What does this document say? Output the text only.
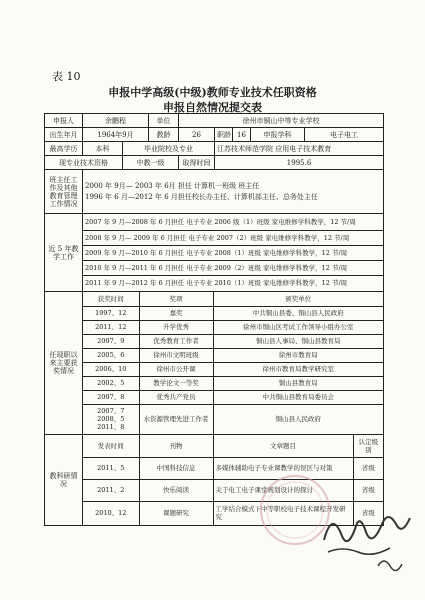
表 10
申报中学高级(中级)教师专业技术任职资格
申报自然情况提交表
申报人	余鹏程	单位	徐州市铜山中等专业学校
出生年月	1964年9月	教龄	26	职龄	16	申报学科	电子电工
最高学历	本科	毕业院校及专业	江苏技术师范学院 应用电子技术教育
现专业技术资格	中教一级	取得时间	1995.6
班主任工作及其他教育管理工作情况	
2000 年 9月— 2003 年 6月 担任 计算机一班级 班主任
1996 年 6 月—2012 年 6 月担任校长办主任、计算机部主任、总务处主任

近 5 年教学工作	
2007 年 9 月—2008 年 6 月担任 电子专业 2006 级（1）班级 家电维修学科教学，12 节/周
2008 年 9 月— 2009 年 6 月担任 电子专业 2007（2）班级 家电维修学科教学，12 节/周
2009 年 9 月—2010 年 6 月担任 电子专业 2008（1）班级 家电维修学科教学，12 节/周
2010 年 9 月—2011 年 6 月担任 电子专业 2009（2）班级 家电维修学科教学，12 节/周
2011 年 9 月—2012 年 6 月担任 电子专业 2010（1）班级 家电维修学科教学，12 节/周

任现职以来主要获奖情况	
获奖时间	奖项	颁奖单位
1997、12	嘉奖	中共铜山县委、铜山县人民政府
2011、12	升学优秀	徐州市铜山区考试工作领导小组办公室
2007、9	优秀教育工作者	铜山县人事局、铜山县教育局
2005、6	徐州市文明班级	徐州市教育局
2006、10	徐州市公开课	徐州市教育局教学研究室
2002、5	教学论文一等奖	铜山县教育局
2007、8	优秀共产党员	中共铜山县教育局委员会
2007、7
2008、5
2011、8	水资源管理先进工作者	铜山县人民政府

教科研情况	
发表时间	刊物	文章题目	认定级别
2011、5	中国科技信息	多媒体辅助电子专业课教学的误区与对策	省级
2011、2	快乐阅读	关于电工电子课堂规划设计的探讨	省级
2010、12	课题研究	工学结合模式下中等职校电子技术课程开发研究	省级
